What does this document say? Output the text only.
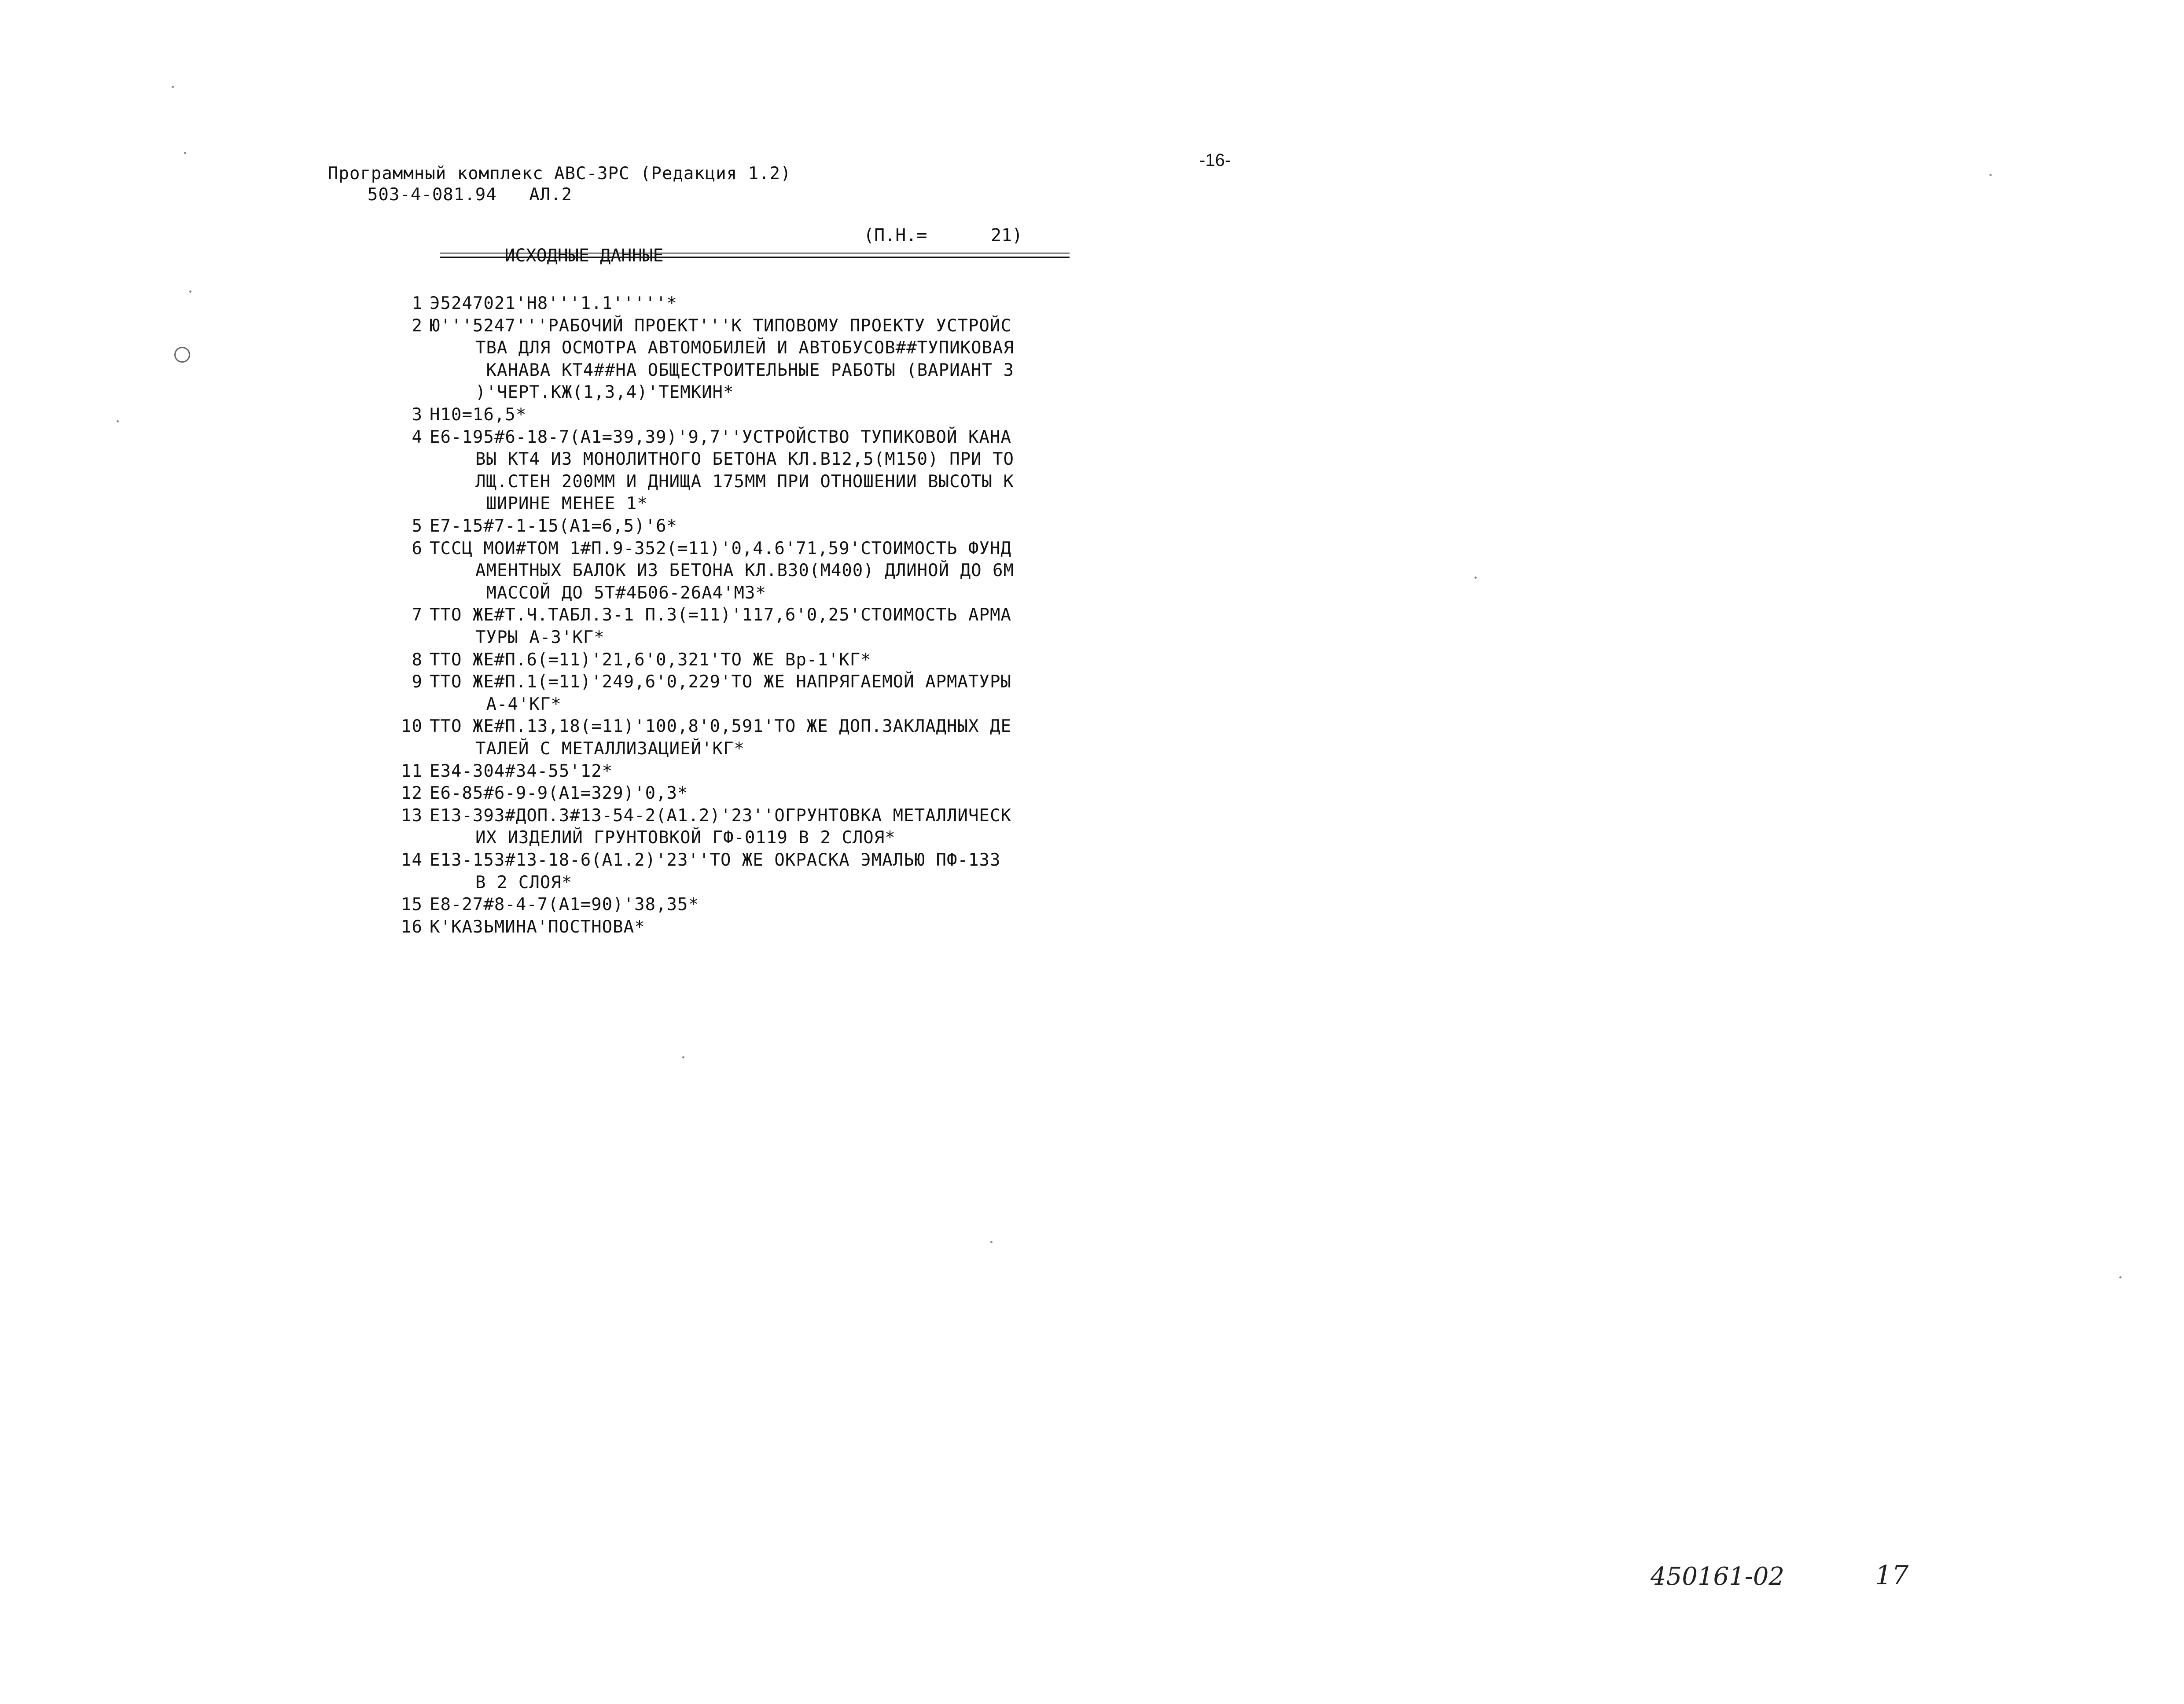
Программный комплекс АВС-3РС (Редакция 1.2)
503-4-081.94   АЛ.2
-16-

ИСХОДНЫЕ ДАННЫЕ

(П.Н.=      21)

1 Э5247021'Н8'''1.1'''''*
2 Ю'''5247'''РАБОЧИЙ ПРОЕКТ'''К ТИПОВОМУ ПРОЕКТУ УСТРОЙС
ТВА ДЛЯ ОСМОТРА АВТОМОБИЛЕЙ И АВТОБУСОВ##ТУПИКОВАЯ
КАНАВА КТ4##НА ОБЩЕСТРОИТЕЛЬНЫЕ РАБОТЫ (ВАРИАНТ 3
)'ЧЕРТ.КЖ(1,3,4)'ТЕМКИН*
3 Н10=16,5*
4 Е6-195#6-18-7(А1=39,39)'9,7''УСТРОЙСТВО ТУПИКОВОЙ КАНА
ВЫ КТ4 ИЗ МОНОЛИТНОГО БЕТОНА КЛ.В12,5(М150) ПРИ ТО
ЛЩ.СТЕН 200ММ И ДНИЩА 175ММ ПРИ ОТНОШЕНИИ ВЫСОТЫ К
ШИРИНЕ МЕНЕЕ 1*
5 Е7-15#7-1-15(А1=6,5)'6*
6 ТССЦ МОИ#ТОМ 1#П.9-352(=11)'0,4.6'71,59'СТОИМОСТЬ ФУНД
АМЕНТНЫХ БАЛОК ИЗ БЕТОНА КЛ.В30(М400) ДЛИНОЙ ДО 6М
МАССОЙ ДО 5Т#4Б06-26А4'М3*
7 ТТО ЖЕ#Т.Ч.ТАБЛ.3-1 П.3(=11)'117,6'0,25'СТОИМОСТЬ АРМА
ТУРЫ А-3'КГ*
8 ТТО ЖЕ#П.6(=11)'21,6'0,321'ТО ЖЕ Вр-1'КГ*
9 ТТО ЖЕ#П.1(=11)'249,6'0,229'ТО ЖЕ НАПРЯГАЕМОЙ АРМАТУРЫ
А-4'КГ*
10 ТТО ЖЕ#П.13,18(=11)'100,8'0,591'ТО ЖЕ ДОП.ЗАКЛАДНЫХ ДЕ
ТАЛЕЙ С МЕТАЛЛИЗАЦИЕЙ'КГ*
11 Е34-304#34-55'12*
12 Е6-85#6-9-9(А1=329)'0,3*
13 Е13-393#ДОП.3#13-54-2(А1.2)'23''ОГРУНТОВКА МЕТАЛЛИЧЕСК
ИХ ИЗДЕЛИЙ ГРУНТОВКОЙ ГФ-0119 В 2 СЛОЯ*
14 Е13-153#13-18-6(А1.2)'23''ТО ЖЕ ОКРАСКА ЭМАЛЬЮ ПФ-133
В 2 СЛОЯ*
15 Е8-27#8-4-7(А1=90)'38,35*
16 К'КАЗЬМИНА'ПОСТНОВА*
450161-02	17
